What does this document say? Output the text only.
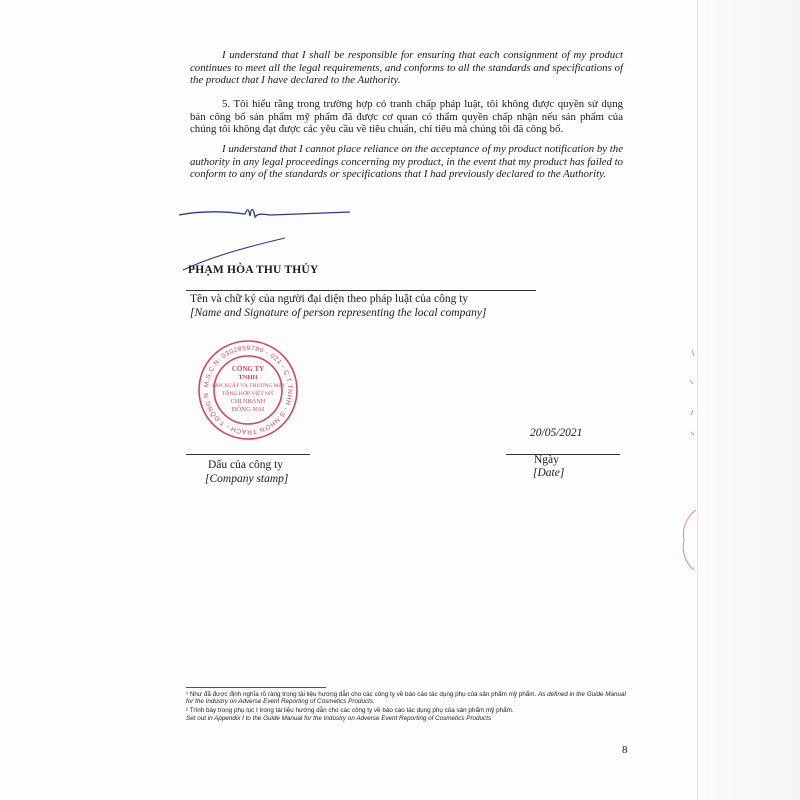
I understand that I shall be responsible for ensuring that each consignment of my product continues to meet all the legal requirements, and conforms to all the standards and specifications of the product that I have declared to the Authority.

5. Tôi hiểu rằng trong trường hợp có tranh chấp pháp luật, tôi không được quyền sử dụng bản công bố sản phẩm mỹ phẩm đã được cơ quan có thẩm quyền chấp nhận nếu sản phẩm của chúng tôi không đạt được các yêu cầu về tiêu chuẩn, chỉ tiêu mà chúng tôi đã công bố.

I understand that I cannot place reliance on the acceptance of my product notification by the authority in any legal proceedings concerning my product, in the event that my product has failed to conform to any of the standards or specifications that I had previously declared to the Authority.

PHẠM HÒA THU THỦY
Tên và chữ ký của người đại diện theo pháp luật của công ty
[Name and Signature of person representing the local company]
M.S.C.N: 0302859780 - 021 - C.T.TNHH - S.NHƠN TRẠCH - T.ĐỒNG NAI
CÔNG TY
TNHH
SẢN XUẤT VÀ THƯƠNG MẠI
TỔNG HỢP VIỆT MỸ
CHI NHÁNH
ĐỒNG NAI
20/05/2021
Dấu của công ty
[Company stamp]
Ngày
[Date]
¹ Như đã được định nghĩa rõ ràng trong tài liệu hướng dẫn cho các công ty về báo cáo tác dụng phụ của sản phẩm mỹ phẩm. As defined in the Guide Manual for the Industry on Adverse Event Reporting of Cosmetics Products.
² Trình bày trong phụ lục I trong tài liệu hướng dẫn cho các công ty về báo cáo tác dụng phụ của sản phẩm mỹ phẩm.
Set out in Appendix I to the Guide Manual for the Industry on Adverse Event Reporting of Cosmetics Products
8
